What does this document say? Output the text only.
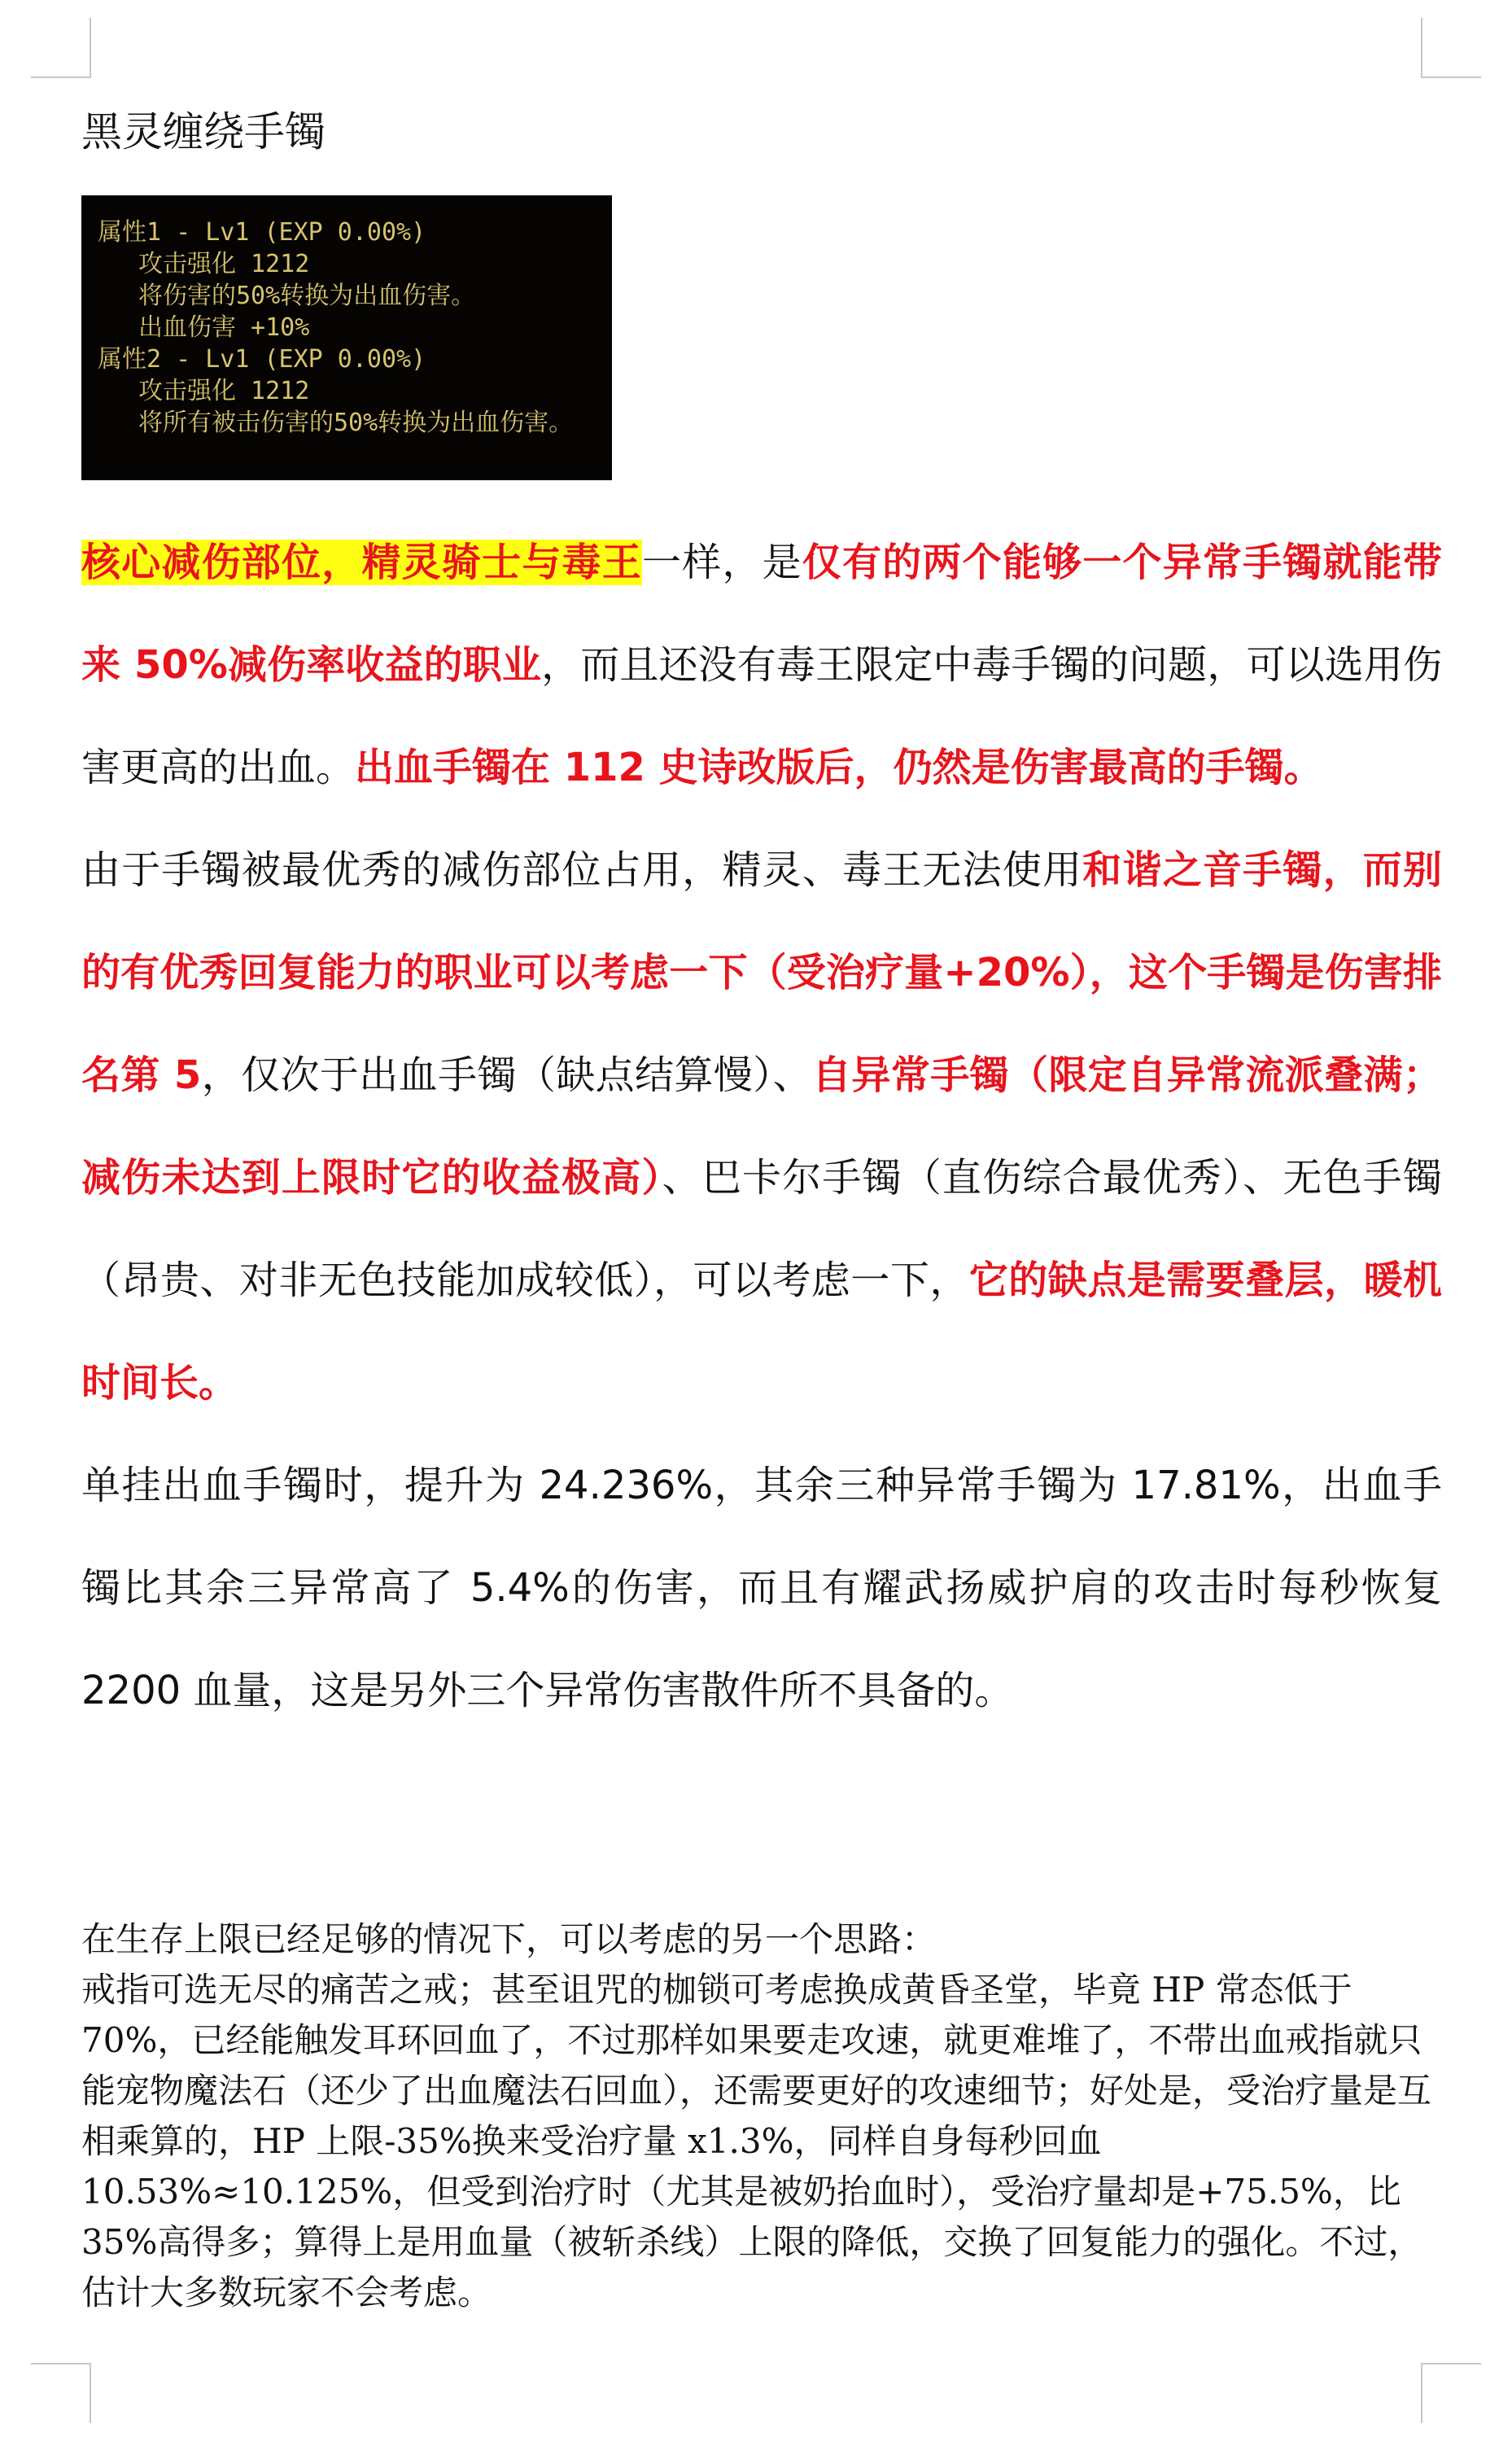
黑灵缠绕手镯
属性1 - Lv1 (EXP 0.00%)
攻击强化 1212
将伤害的50%转换为出血伤害。
出血伤害 +10%
属性2 - Lv1 (EXP 0.00%)
攻击强化 1212
将所有被击伤害的50%转换为出血伤害。

核心减伤部位，精灵骑士与毒王一样，是仅有的两个能够一个异常手镯就能带来 50%减伤率收益的职业，而且还没有毒王限定中毒手镯的问题，可以选用伤害更高的出血。出血手镯在 112 史诗改版后，仍然是伤害最高的手镯。

由于手镯被最优秀的减伤部位占用，精灵、毒王无法使用和谐之音手镯，而别的有优秀回复能力的职业可以考虑一下（受治疗量+20%），这个手镯是伤害排名第 5，仅次于出血手镯（缺点结算慢）、自异常手镯（限定自异常流派叠满；减伤未达到上限时它的收益极高）、巴卡尔手镯（直伤综合最优秀）、无色手镯（昂贵、对非无色技能加成较低），可以考虑一下，它的缺点是需要叠层，暖机时间长。

单挂出血手镯时，提升为 24.236%，其余三种异常手镯为 17.81%，出血手镯比其余三异常高了 5.4%的伤害，而且有耀武扬威护肩的攻击时每秒恢复 2200 血量，这是另外三个异常伤害散件所不具备的。

在生存上限已经足够的情况下，可以考虑的另一个思路：

戒指可选无尽的痛苦之戒；甚至诅咒的枷锁可考虑换成黄昏圣堂，毕竟 HP 常态低于 70%，已经能触发耳环回血了，不过那样如果要走攻速，就更难堆了，不带出血戒指就只能宠物魔法石（还少了出血魔法石回血），还需要更好的攻速细节；好处是，受治疗量是互相乘算的，HP 上限-35%换来受治疗量 x1.3%，同样自身每秒回血 10.53%≈10.125%，但受到治疗时（尤其是被奶抬血时），受治疗量却是+75.5%，比 35%高得多；算得上是用血量（被斩杀线）上限的降低，交换了回复能力的强化。不过，估计大多数玩家不会考虑。
